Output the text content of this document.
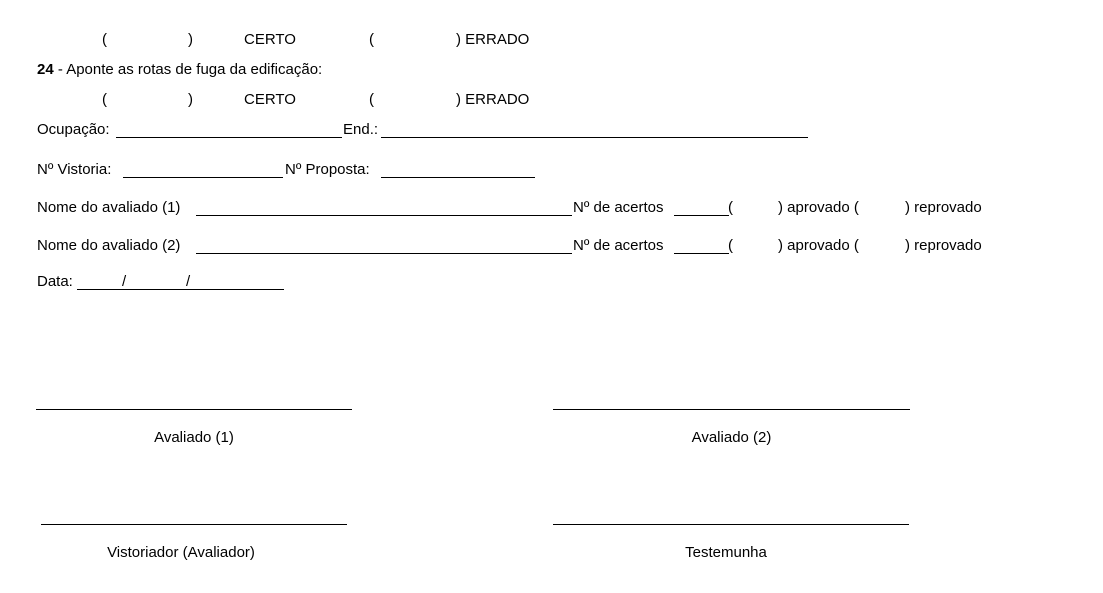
(	)	CERTO	(	) ERRADO
24 - Aponte as rotas de fuga da edificação:
(	)	CERTO	(	) ERRADO
Ocupação:	End.:
Nº Vistoria:	Nº Proposta:
Nome do avaliado (1)	Nº de acertos	(	) aprovado (	) reprovado
Nome do avaliado (2)	Nº de acertos	(	) aprovado (	) reprovado
Data:	/	/
Avaliado (1)	Avaliado (2)
Vistoriador (Avaliador)	Testemunha
